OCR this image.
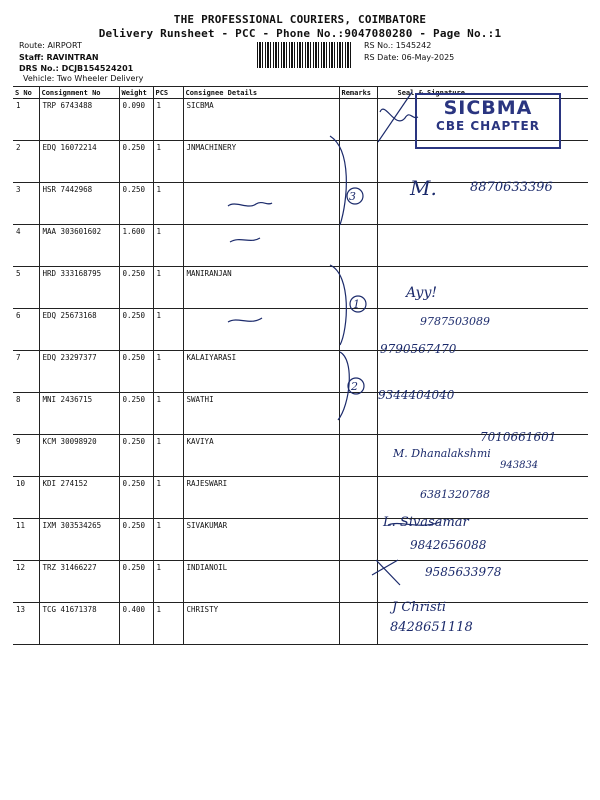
THE PROFESSIONAL COURIERS, COIMBATORE
Delivery Runsheet - PCC - Phone No.:9047080280 - Page No.:1
Route: AIRPORT
Staff: RAVINTRAN
DRS No.: DCJB154524201
Vehicle: Two Wheeler Delivery
RS No.: 1545242
RS Date: 06-May-2025
S No	Consignment No	Weight	PCS	Consignee Details	Remarks	Seal & Signature
1	TRP 6743488	0.090	1	SICBMA		
2	EDQ 16072214	0.250	1	JNMACHINERY		
3	HSR 7442968	0.250	1			
4	MAA 303601602	1.600	1			
5	HRD 333168795	0.250	1	MANIRANJAN		
6	EDQ 25673168	0.250	1			
7	EDQ 23297377	0.250	1	KALAIYARASI		
8	MNI 2436715	0.250	1	SWATHI		
9	KCM 30098920	0.250	1	KAVIYA		
10	KDI 274152	0.250	1	RAJESWARI		
11	IXM 303534265	0.250	1	SIVAKUMAR		
12	TRZ 31466227	0.250	1	INDIANOIL		
13	TCG 41671378	0.400	1	CHRISTY		
SICBMA
CBE CHAPTER
M.	8870633396
Ayy!
9787503089
9790567470
9344404040
7010661601
M. Dhanalakshmi
943834
6381320788
L. Sivasamar
9842656088
9585633978
J Christi
8428651118
3
1
2
